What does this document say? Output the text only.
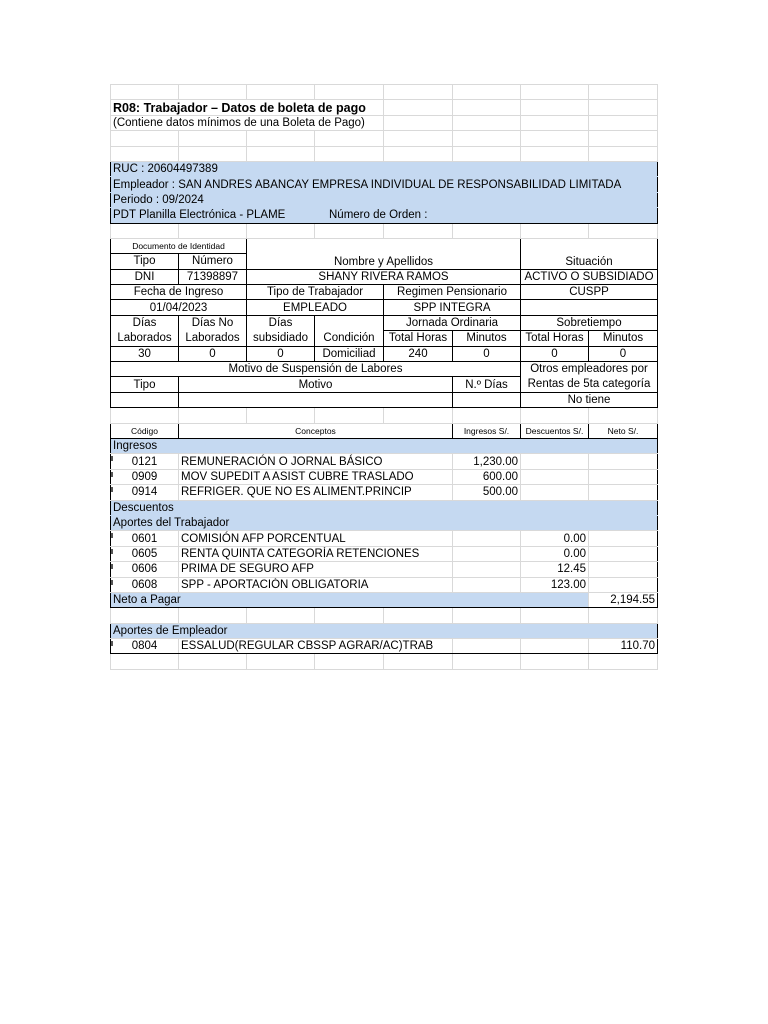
R08: Trabajador – Datos de boleta de pago							
(Contiene datos mínimos de una Boleta de Pago)							

RUC : 20604497389							
Empleador : SAN ANDRES ABANCAY EMPRESA INDIVIDUAL DE RESPONSABILIDAD LIMITADA							
Periodo : 09/2024							
PDT Planilla Electrónica - PLAME			Número de Orden :				

Documento de Identidad		Nombre y Apellidos				Situación	
Tipo	Número						
DNI	71398897	SHANY RIVERA RAMOS				ACTIVO O SUBSIDIADO	
Fecha de Ingreso		Tipo de Trabajador		Regimen Pensionario		CUSPP	
01/04/2023		EMPLEADO		SPP INTEGRA			
Días	Días No	Días		Jornada Ordinaria		Sobretiempo	
Laborados	Laborados	subsidiado	Condición	Total Horas	Minutos	Total Horas	Minutos
30	0	0	Domiciliad	240	0	0	0
Motivo de Suspensión de Labores						Otros empleadores por	
Tipo	Motivo				N.º Días	Rentas de 5ta categoría	
						No tiene	

Código	Conceptos				Ingresos S/.	Descuentos S/.	Neto S/.
Ingresos							
0121	REMUNERACIÓN O JORNAL BÁSICO				1,230.00		
0909	MOV SUPEDIT A ASIST CUBRE TRASLADO				600.00		
0914	REFRIGER. QUE NO ES ALIMENT.PRINCIP				500.00		
Descuentos							
Aportes del Trabajador							
0601	COMISIÓN AFP PORCENTUAL					0.00	
0605	RENTA QUINTA CATEGORÍA RETENCIONES					0.00	
0606	PRIMA DE SEGURO AFP					12.45	
0608	SPP - APORTACIÓN OBLIGATORIA					123.00	
Neto a Pagar							2,194.55

Aportes de Empleador							
0804	ESSALUD(REGULAR CBSSP AGRAR/AC)TRAB						110.70
